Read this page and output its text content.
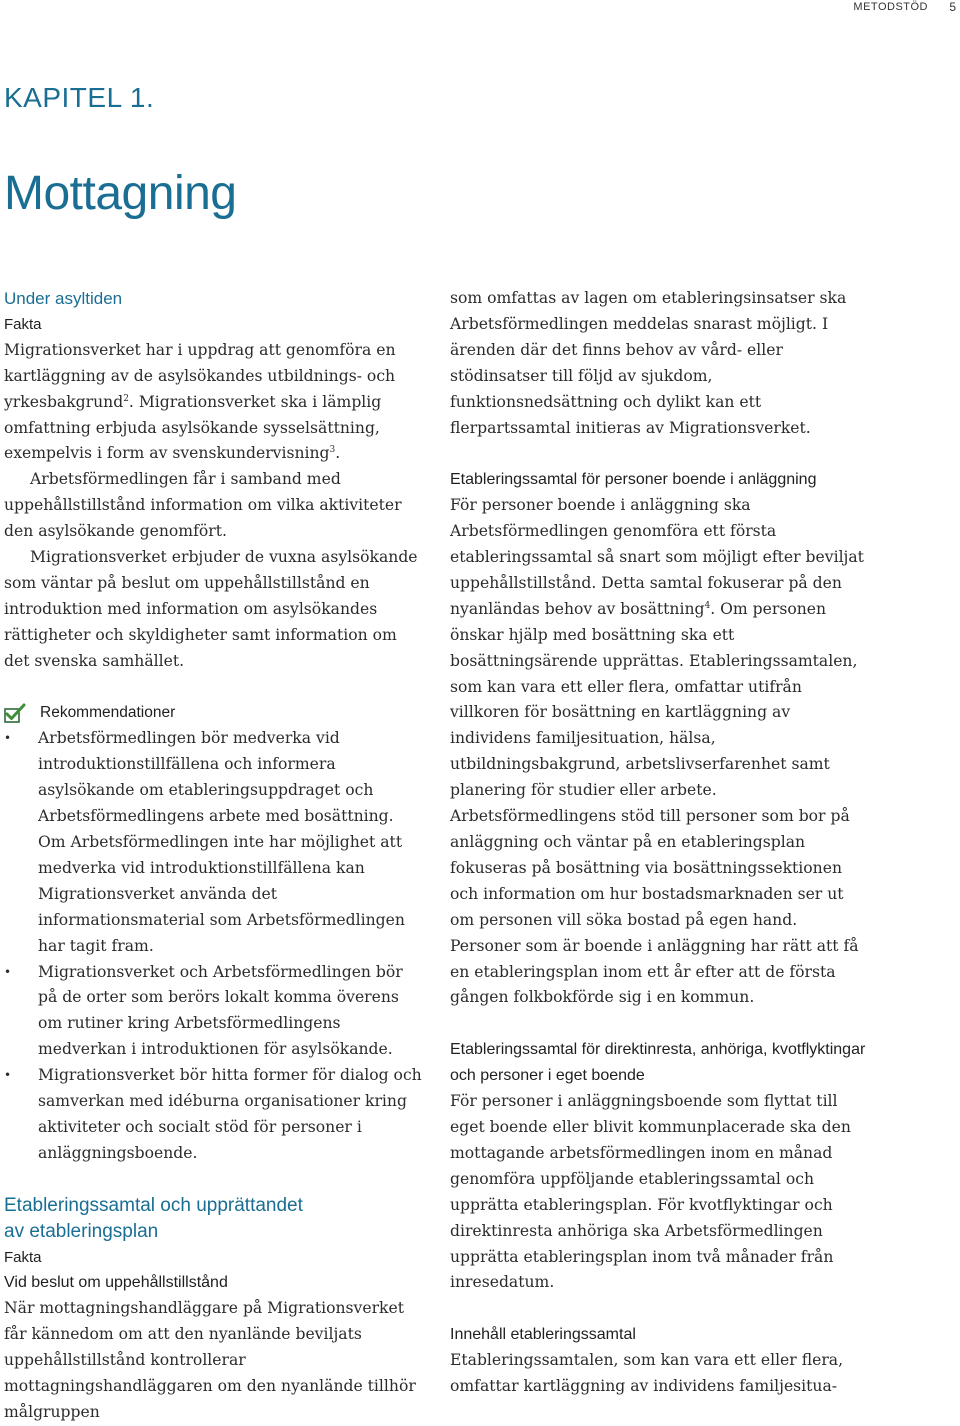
METODSTÖD 5
KAPITEL 1.
Mottagning

Under asyltiden

Fakta

Migrationsverket har i uppdrag att genomföra en kartläggning av de asylsökandes utbildnings- och yrkesbakgrund$^2$. Migrationsverket ska i lämplig omfattning erbjuda asylsökande sysselsättning, exempelvis i form av svenskundervisning$^3$.

Arbetsförmedlingen får i samband med uppehållstillstånd information om vilka aktiviteter den asylsökande genomfört.

Migrationsverket erbjuder de vuxna asylsökande som väntar på beslut om uppehållstillstånd en introduktion med information om asylsökandes rättigheter och skyldigheter samt information om det svenska samhället.

Rekommendationer
• Arbetsförmedlingen bör medverka vid introduktionstillfällena och informera asylsökande om etableringsuppdraget och Arbetsförmedlingens arbete med bosättning. Om Arbetsförmedlingen inte har möjlighet att medverka vid introduktionstillfällena kan Migrationsverket använda det informationsmaterial som Arbetsförmedlingen har tagit fram.
• Migrationsverket och Arbetsförmedlingen bör på de orter som berörs lokalt komma överens om rutiner kring Arbetsförmedlingens medverkan i introduktionen för asylsökande.
• Migrationsverket bör hitta former för dialog och samverkan med idéburna organisationer kring aktiviteter och socialt stöd för personer i anläggningsboende.

Etableringssamtal och upprättandet
av etableringsplan

Fakta

Vid beslut om uppehållstillstånd

När mottagningshandläggare på Migrationsverket får kännedom om att den nyanlände beviljats uppehållstillstånd kontrollerar mottagningshandläggaren om den nyanlände tillhör målgruppen

som omfattas av lagen om etableringsinsatser ska Arbetsförmedlingen meddelas snarast möjligt. I ärenden där det finns behov av vård- eller stödinsatser till följd av sjukdom, funktionsnedsättning och dylikt kan ett flerpartssamtal initieras av Migrationsverket.

Etableringssamtal för personer boende i anläggning

För personer boende i anläggning ska Arbetsförmedlingen genomföra ett första etableringssamtal så snart som möjligt efter beviljat uppehållstillstånd. Detta samtal fokuserar på den nyanländas behov av bosättning$^4$. Om personen önskar hjälp med bosättning ska ett bosättningsärende upprättas. Etableringssamtalen, som kan vara ett eller flera, omfattar utifrån villkoren för bosättning en kartläggning av individens familjesituation, hälsa, utbildningsbakgrund, arbetslivserfarenhet samt planering för studier eller arbete. Arbetsförmedlingens stöd till personer som bor på anläggning och väntar på en etableringsplan fokuseras på bosättning via bosättningssektionen och information om hur bostadsmarknaden ser ut om personen vill söka bostad på egen hand. Personer som är boende i anläggning har rätt att få en etableringsplan inom ett år efter att de första gången folkbokförde sig i en kommun.

Etableringssamtal för direktinresta, anhöriga, kvotflyktingar och personer i eget boende

För personer i anläggningsboende som flyttat till eget boende eller blivit kommunplacerade ska den mottagande arbetsförmedlingen inom en månad genomföra uppföljande etableringssamtal och upprätta etableringsplan. För kvotflyktingar och direktinresta anhöriga ska Arbetsförmedlingen upprätta etableringsplan inom två månader från inresedatum.

Innehåll etableringssamtal

Etableringssamtalen, som kan vara ett eller flera, omfattar kartläggning av individens familjesitua-
